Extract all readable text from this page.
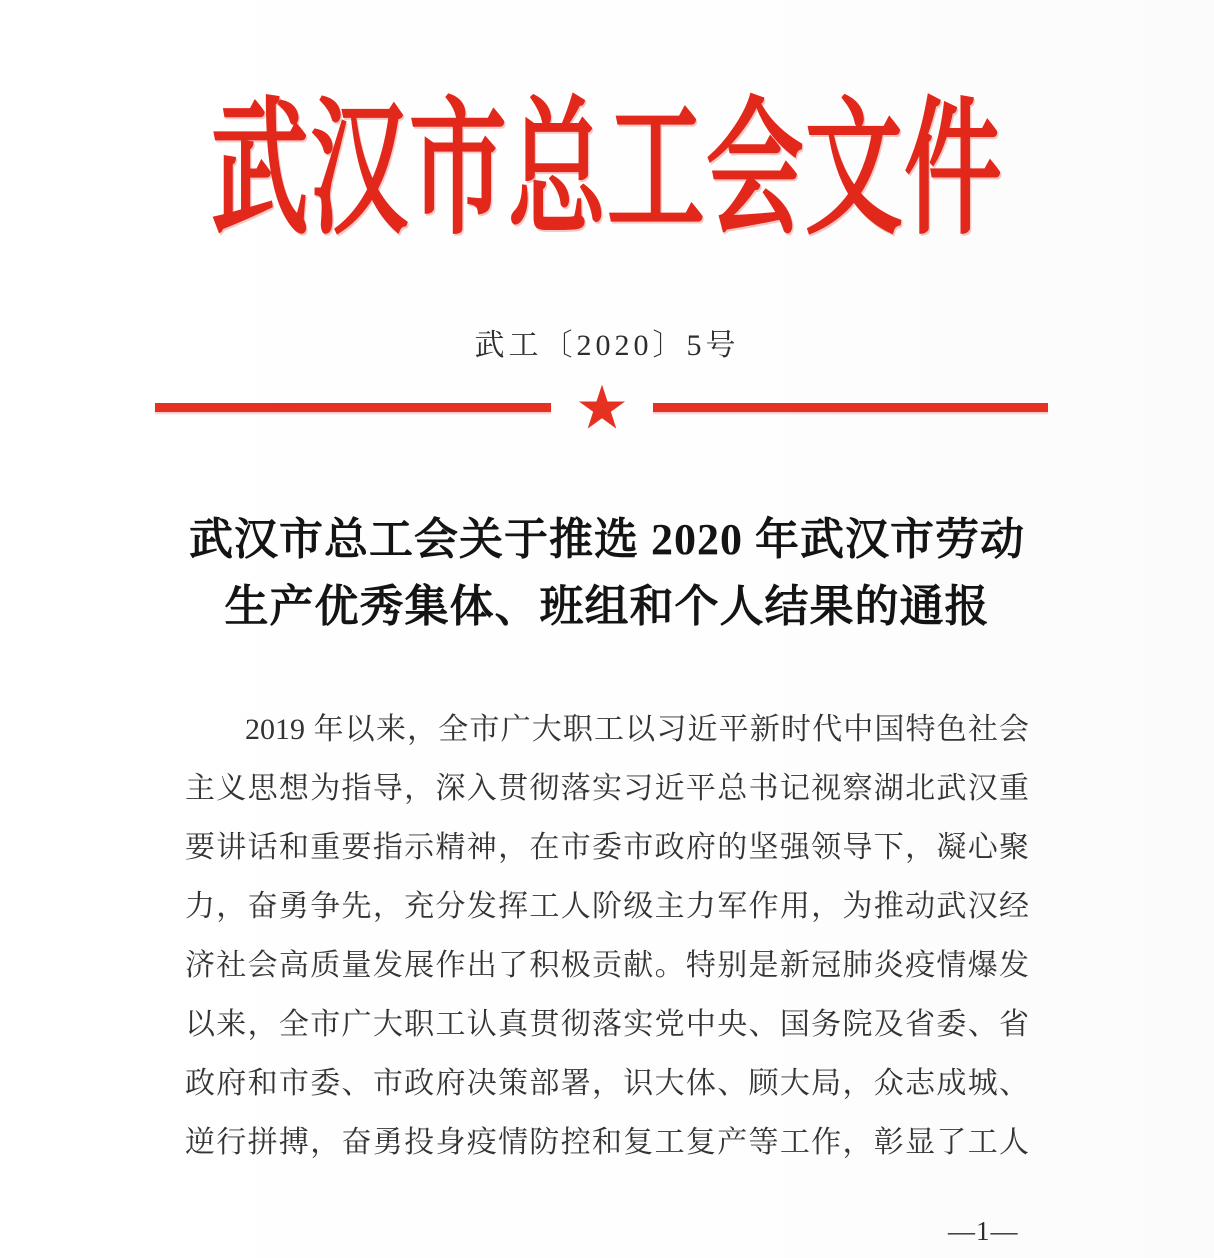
武汉市总工会文件
武工〔2020〕5号
武汉市总工会关于推选 2020 年武汉市劳动
生产优秀集体、班组和个人结果的通报
2019 年以来，全市广大职工以习近平新时代中国特色社会
主义思想为指导，深入贯彻落实习近平总书记视察湖北武汉重
要讲话和重要指示精神，在市委市政府的坚强领导下，凝心聚
力，奋勇争先，充分发挥工人阶级主力军作用，为推动武汉经
济社会高质量发展作出了积极贡献。特别是新冠肺炎疫情爆发
以来，全市广大职工认真贯彻落实党中央、国务院及省委、省
政府和市委、市政府决策部署，识大体、顾大局，众志成城、
逆行拼搏，奋勇投身疫情防控和复工复产等工作，彰显了工人
—1—
